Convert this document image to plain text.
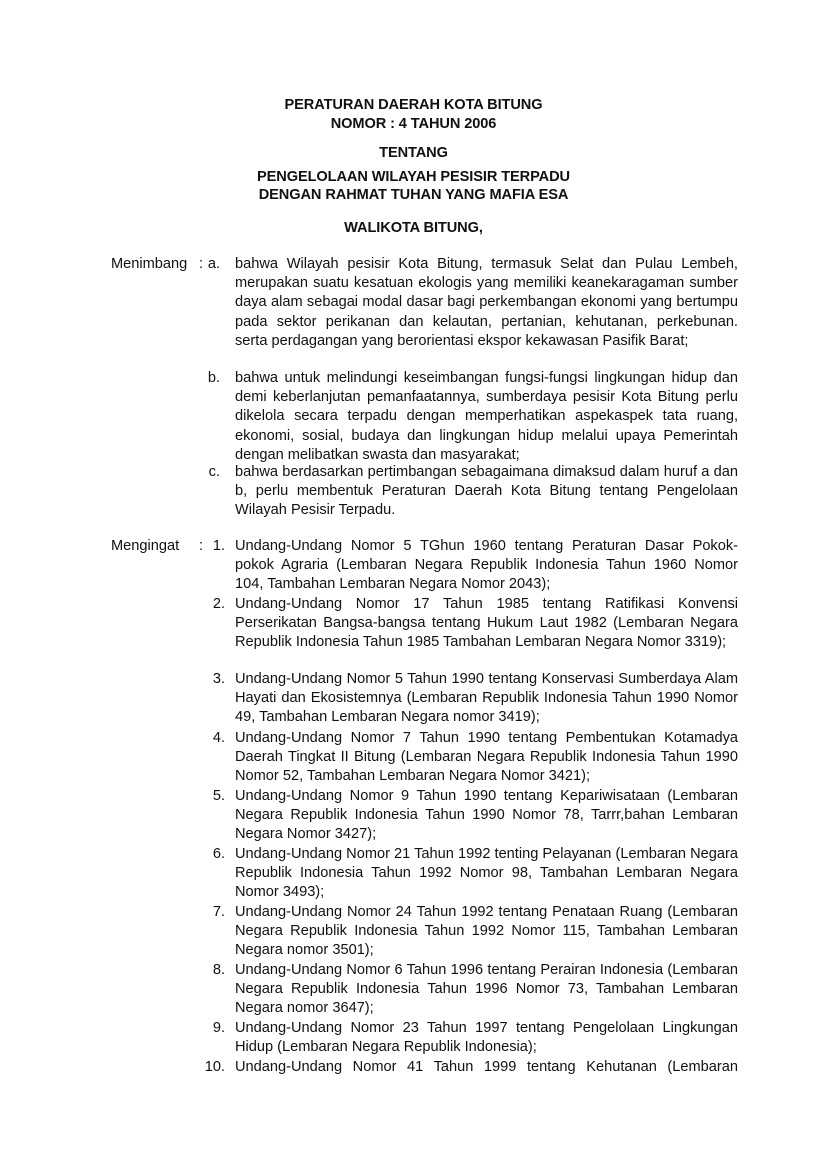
PERATURAN DAERAH KOTA BITUNG
NOMOR : 4 TAHUN 2006
TENTANG
PENGELOLAAN WILAYAH PESISIR TERPADU
DENGAN RAHMAT TUHAN YANG MAFIA ESA
WALIKOTA BITUNG,
Menimbang : a. bahwa Wilayah pesisir Kota Bitung, termasuk Selat dan Pulau Lembeh, merupakan suatu kesatuan ekologis yang memiliki keanekaragaman sumber daya alam sebagai modal dasar bagi perkembangan ekonomi yang bertumpu pada sektor perikanan dan kelautan, pertanian, kehutanan, perkebunan. serta perdagangan yang berorientasi ekspor kekawasan Pasifik Barat;
b. bahwa untuk melindungi keseimbangan fungsi-fungsi lingkungan hidup dan demi keberlanjutan pemanfaatannya, sumberdaya pesisir Kota Bitung perlu dikelola secara terpadu dengan memperhatikan aspekaspek tata ruang, ekonomi, sosial, budaya dan lingkungan hidup melalui upaya Pemerintah dengan melibatkan swasta dan masyarakat;
c. bahwa berdasarkan pertimbangan sebagaimana dimaksud dalam huruf a dan b, perlu membentuk Peraturan Daerah Kota Bitung tentang Pengelolaan Wilayah Pesisir Terpadu.
Mengingat	: 1. Undang-Undang Nomor 5 TGhun 1960 tentang Peraturan Dasar Pokok-pokok Agraria (Lembaran Negara Republik Indonesia Tahun 1960 Nomor 104, Tambahan Lembaran Negara Nomor 2043);
2. Undang-Undang Nomor 17 Tahun 1985 tentang Ratifikasi Konvensi Perserikatan Bangsa-bangsa tentang Hukum Laut 1982 (Lembaran Negara Republik Indonesia Tahun 1985 Tambahan Lembaran Negara Nomor 3319);
3. Undang-Undang Nomor 5 Tahun 1990 tentang Konservasi Sumberdaya Alam Hayati dan Ekosistemnya (Lembaran Republik Indonesia Tahun 1990 Nomor 49, Tambahan Lembaran Negara nomor 3419);
4. Undang-Undang Nomor 7 Tahun 1990 tentang Pembentukan Kotamadya Daerah Tingkat II Bitung (Lembaran Negara Republik Indonesia Tahun 1990 Nomor 52, Tambahan Lembaran Negara Nomor 3421);
5. Undang-Undang Nomor 9 Tahun 1990 tentang Kepariwisataan (Lembaran Negara Republik Indonesia Tahun 1990 Nomor 78, Tarrr,bahan Lembaran Negara Nomor 3427);
6. Undang-Undang Nomor 21 Tahun 1992 tenting Pelayanan (Lembaran Negara Republik Indonesia Tahun 1992 Nomor 98, Tambahan Lembaran Negara Nomor 3493);
7. Undang-Undang Nomor 24 Tahun 1992 tentang Penataan Ruang (Lembaran Negara Republik Indonesia Tahun 1992 Nomor 115, Tambahan Lembaran Negara nomor 3501);
8. Undang-Undang Nomor 6 Tahun 1996 tentang Perairan Indonesia (Lembaran Negara Republik Indonesia Tahun 1996 Nomor 73, Tambahan Lembaran Negara nomor 3647);
9. Undang-Undang Nomor 23 Tahun 1997 tentang Pengelolaan Lingkungan Hidup (Lembaran Negara Republik Indonesia);
10. Undang-Undang Nomor 41 Tahun 1999 tentang Kehutanan (Lembaran
